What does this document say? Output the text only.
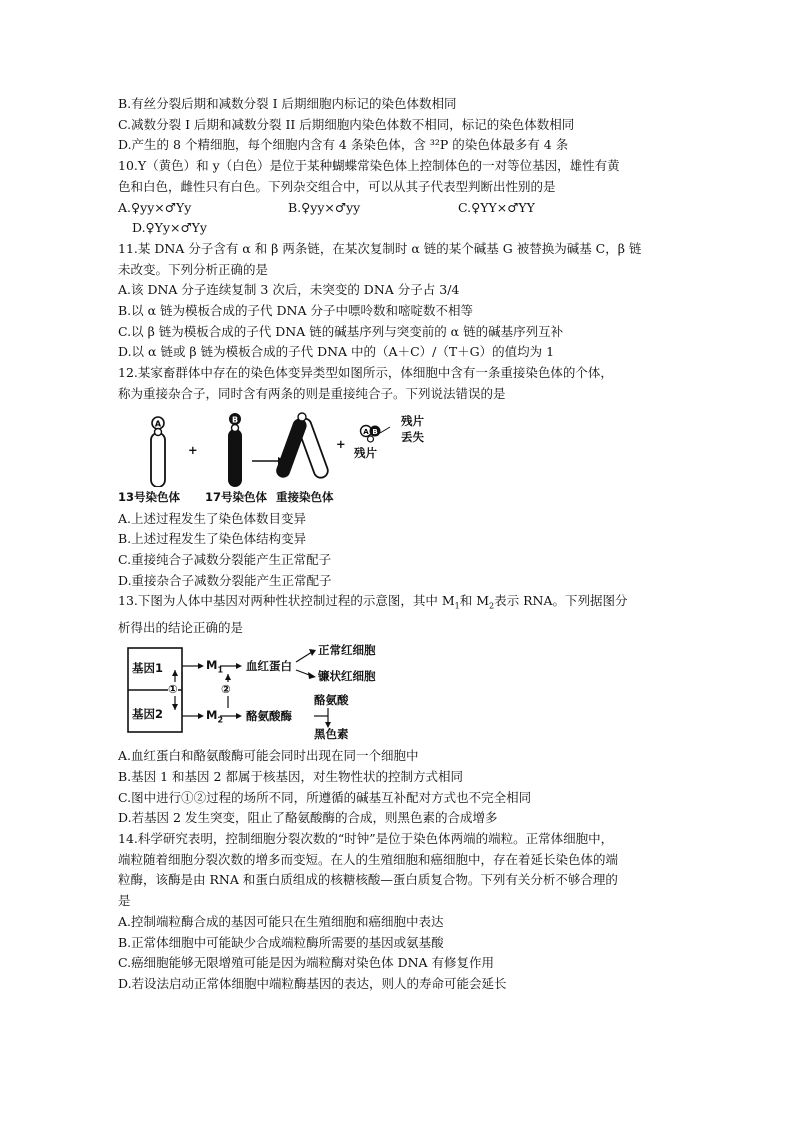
B.有丝分裂后期和减数分裂 I 后期细胞内标记的染色体数相同
C.减数分裂 I 后期和减数分裂 II 后期细胞内染色体数不相同，标记的染色体数相同
D.产生的 8 个精细胞，每个细胞内含有 4 条染色体，含 ³²P 的染色体最多有 4 条
10.Y（黄色）和 y（白色）是位于某种蝴蝶常染色体上控制体色的一对等位基因，雄性有黄
色和白色，雌性只有白色。下列杂交组合中，可以从其子代表型判断出性别的是
A.♀yy×♂Yy	B.♀yy×♂yy	C.♀YY×♂YY
D.♀Yy×♂Yy
11.某 DNA 分子含有 α 和 β 两条链，在某次复制时 α 链的某个碱基 G 被替换为碱基 C，β 链
未改变。下列分析正确的是
A.该 DNA 分子连续复制 3 次后，未突变的 DNA 分子占 3/4
B.以 α 链为模板合成的子代 DNA 分子中嘌呤数和嘧啶数不相等
C.以 β 链为模板合成的子代 DNA 链的碱基序列与突变前的 α 链的碱基序列互补
D.以 α 链或 β 链为模板合成的子代 DNA 中的（A＋C）/（T＋G）的值均为 1
12.某家畜群体中存在的染色体变异类型如图所示，体细胞中含有一条重接染色体的个体，
称为重接杂合子，同时含有两条的则是重接纯合子。下列说法错误的是
A	B
A B
+	+
残片
丢失
残片
13号染色体 17号染色体 重接染色体
A.上述过程发生了染色体数目变异
B.上述过程发生了染色体结构变异
C.重接纯合子减数分裂能产生正常配子
D.重接杂合子减数分裂能产生正常配子
13.下图为人体中基因对两种性状控制过程的示意图，其中 $M_1$和 $M_2$表示 RNA。下列据图分
析得出的结论正确的是
基因1
基因2
$M_1$
$M_2$
①	②
血红蛋白
酪氨酸酶
正常红细胞
镰状红细胞
酪氨酸
黑色素
A.血红蛋白和酪氨酸酶可能会同时出现在同一个细胞中
B.基因 1 和基因 2 都属于核基因，对生物性状的控制方式相同
C.图中进行①②过程的场所不同，所遵循的碱基互补配对方式也不完全相同
D.若基因 2 发生突变，阻止了酪氨酸酶的合成，则黑色素的合成增多
14.科学研究表明，控制细胞分裂次数的“时钟”是位于染色体两端的端粒。正常体细胞中，
端粒随着细胞分裂次数的增多而变短。在人的生殖细胞和癌细胞中，存在着延长染色体的端
粒酶，该酶是由 RNA 和蛋白质组成的核糖核酸—蛋白质复合物。下列有关分析不够合理的
是
A.控制端粒酶合成的基因可能只在生殖细胞和癌细胞中表达
B.正常体细胞中可能缺少合成端粒酶所需要的基因或氨基酸
C.癌细胞能够无限增殖可能是因为端粒酶对染色体 DNA 有修复作用
D.若设法启动正常体细胞中端粒酶基因的表达，则人的寿命可能会延长
